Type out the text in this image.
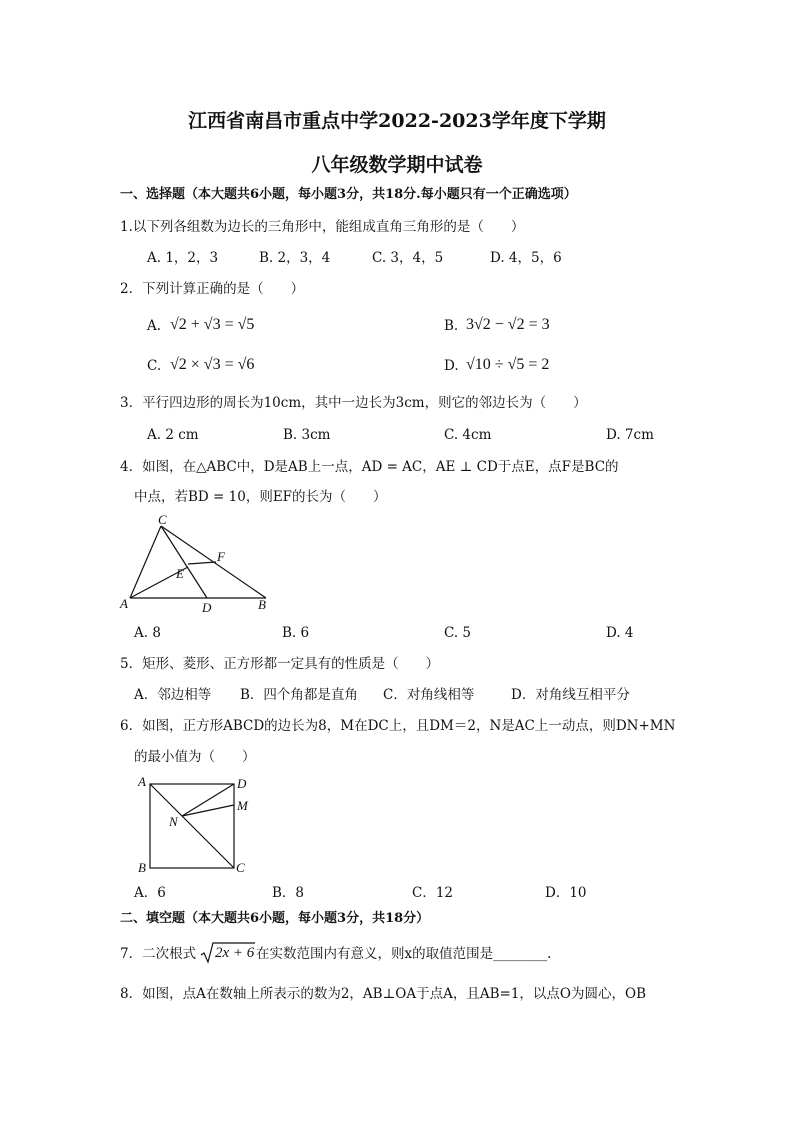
江西省南昌市重点中学2022-2023学年度下学期
八年级数学期中试卷
一、选择题（本大题共6小题，每小题3分，共18分.每小题只有一个正确选项）
1.以下列各组数为边长的三角形中，能组成直角三角形的是（　　）
A. 1，2，3	B. 2，3，4	C. 3，4，5	D. 4，5，6
2．下列计算正确的是（　　）
A. √2 + √3 = √5	B. 3√2 − √2 = 3
C. √2 × √3 = √6	D. √10 ÷ √5 = 2
3．平行四边形的周长为10cm，其中一边长为3cm，则它的邻边长为（　　）
A. 2 cm	B. 3cm	C. 4cm	D. 7cm
4．如图，在△ABC中，D是AB上一点，AD = AC，AE ⊥ CD于点E，点F是BC的
中点，若BD = 10，则EF的长为（　　）
C
F
E
A	D	B
A. 8	B. 6	C. 5	D. 4
5．矩形、菱形、正方形都一定具有的性质是（　　）
A．邻边相等 B．四个角都是直角 C．对角线相等	D．对角线互相平分
6．如图，正方形ABCD的边长为8，M在DC上，且DM＝2，N是AC上一动点，则DN+MN
的最小值为（　　）
A	D
M
N
B	C
A．6	B．8	C．12	D．10
二、填空题（本大题共6小题，每小题3分，共18分）
7．二次根式 2x + 6 在实数范围内有意义，则x的取值范围是________.
8．如图，点A在数轴上所表示的数为2，AB⊥OA于点A，且AB=1，以点O为圆心，OB
